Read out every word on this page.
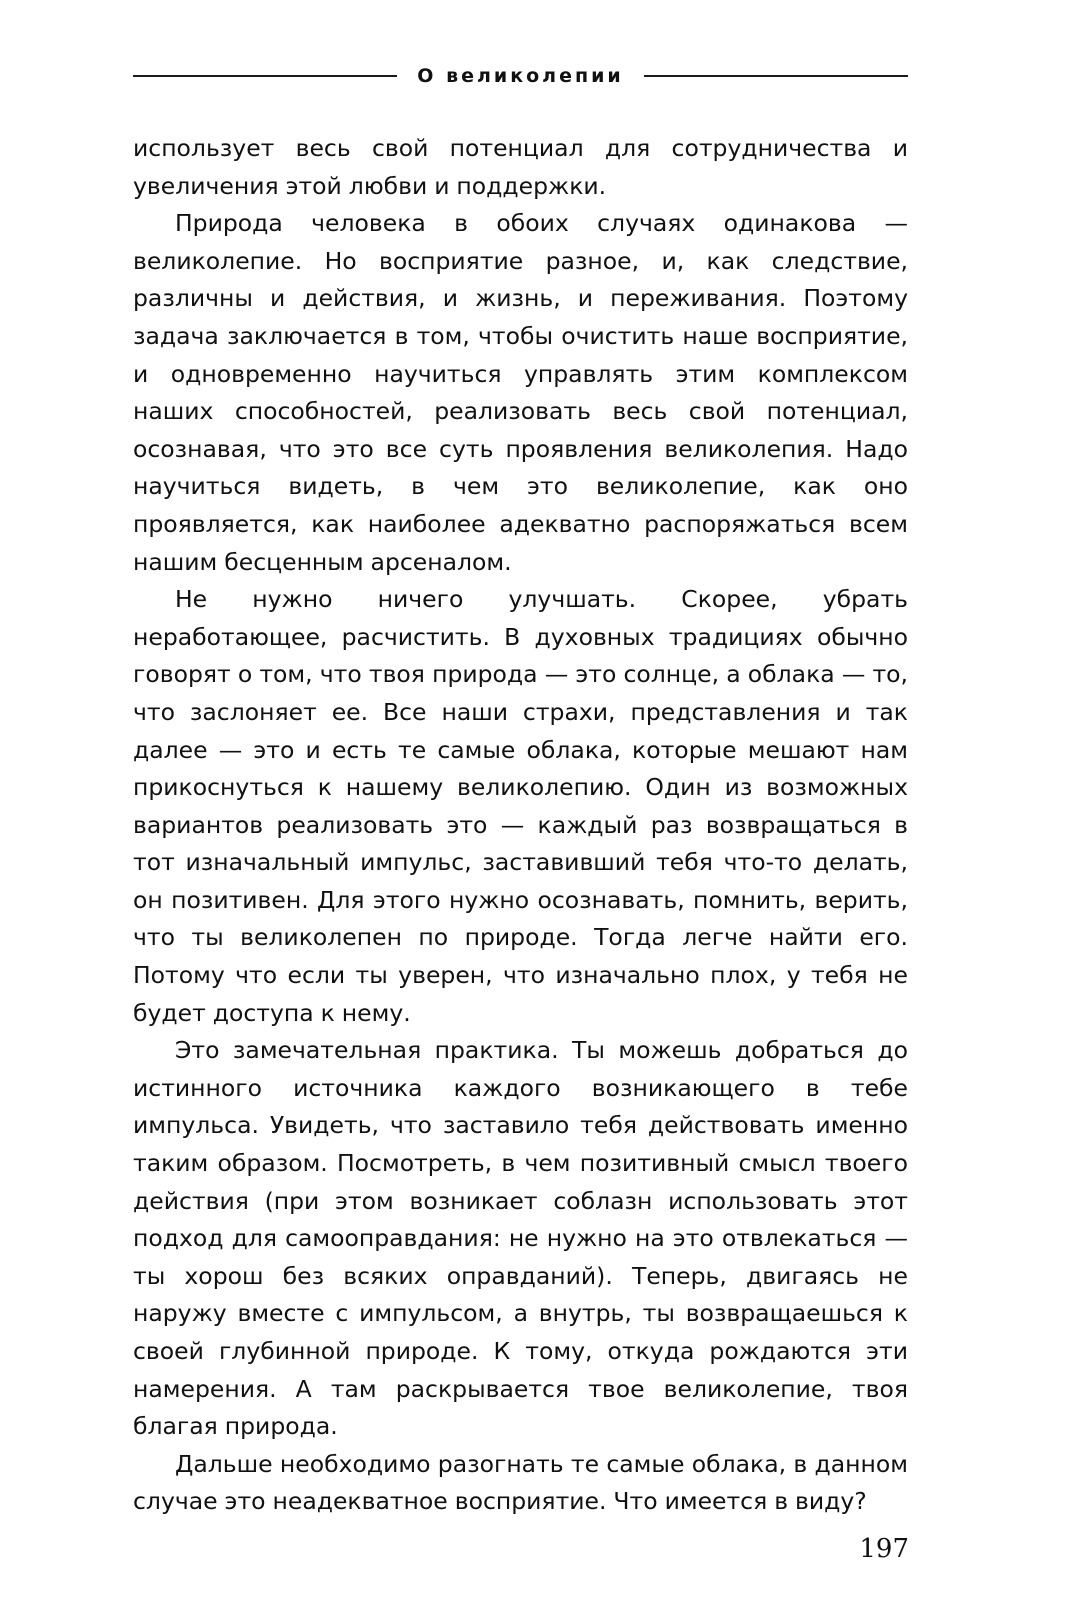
О великолепии

использует весь свой потенциал для сотрудничества и увеличения этой любви и поддержки.

Природа человека в обоих случаях одинакова — великолепие. Но восприятие разное, и, как следствие, различны и действия, и жизнь, и переживания. Поэтому задача заключается в том, чтобы очистить наше восприятие, и одновременно научиться управлять этим комплексом наших способностей, реализовать весь свой потенциал, осознавая, что это все суть проявления великолепия. Надо научиться видеть, в чем это великолепие, как оно проявляется, как наиболее адекватно распоряжаться всем нашим бесценным арсеналом.

Не нужно ничего улучшать. Скорее, убрать неработающее, расчистить. В духовных традициях обычно говорят о том, что твоя природа — это солнце, а облака — то, что заслоняет ее. Все наши страхи, представления и так далее — это и есть те самые облака, которые мешают нам прикоснуться к нашему великолепию. Один из возможных вариантов реализовать это — каждый раз возвращаться в тот изначальный импульс, заставивший тебя что-то делать, он позитивен. Для этого нужно осознавать, помнить, верить, что ты великолепен по природе. Тогда легче найти его. Потому что если ты уверен, что изначально плох, у тебя не будет доступа к нему.

Это замечательная практика. Ты можешь добраться до истинного источника каждого возникающего в тебе импульса. Увидеть, что заставило тебя действовать именно таким образом. Посмотреть, в чем позитивный смысл твоего действия (при этом возникает соблазн использовать этот подход для самооправдания: не нужно на это отвлекаться — ты хорош без всяких оправданий). Теперь, двигаясь не наружу вместе с импульсом, а внутрь, ты возвращаешься к своей глубинной природе. К тому, откуда рождаются эти намерения. А там раскрывается твое великолепие, твоя благая природа.

Дальше необходимо разогнать те самые облака, в данном случае это неадекватное восприятие. Что имеется в виду?

197
